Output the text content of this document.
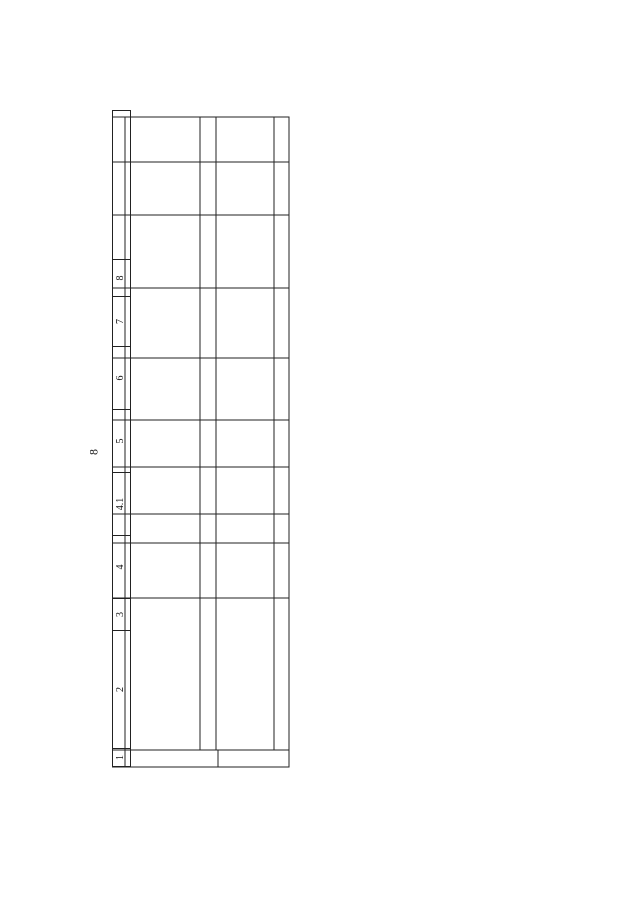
8
1	2	3	4	4.1	5	6	7	8	
